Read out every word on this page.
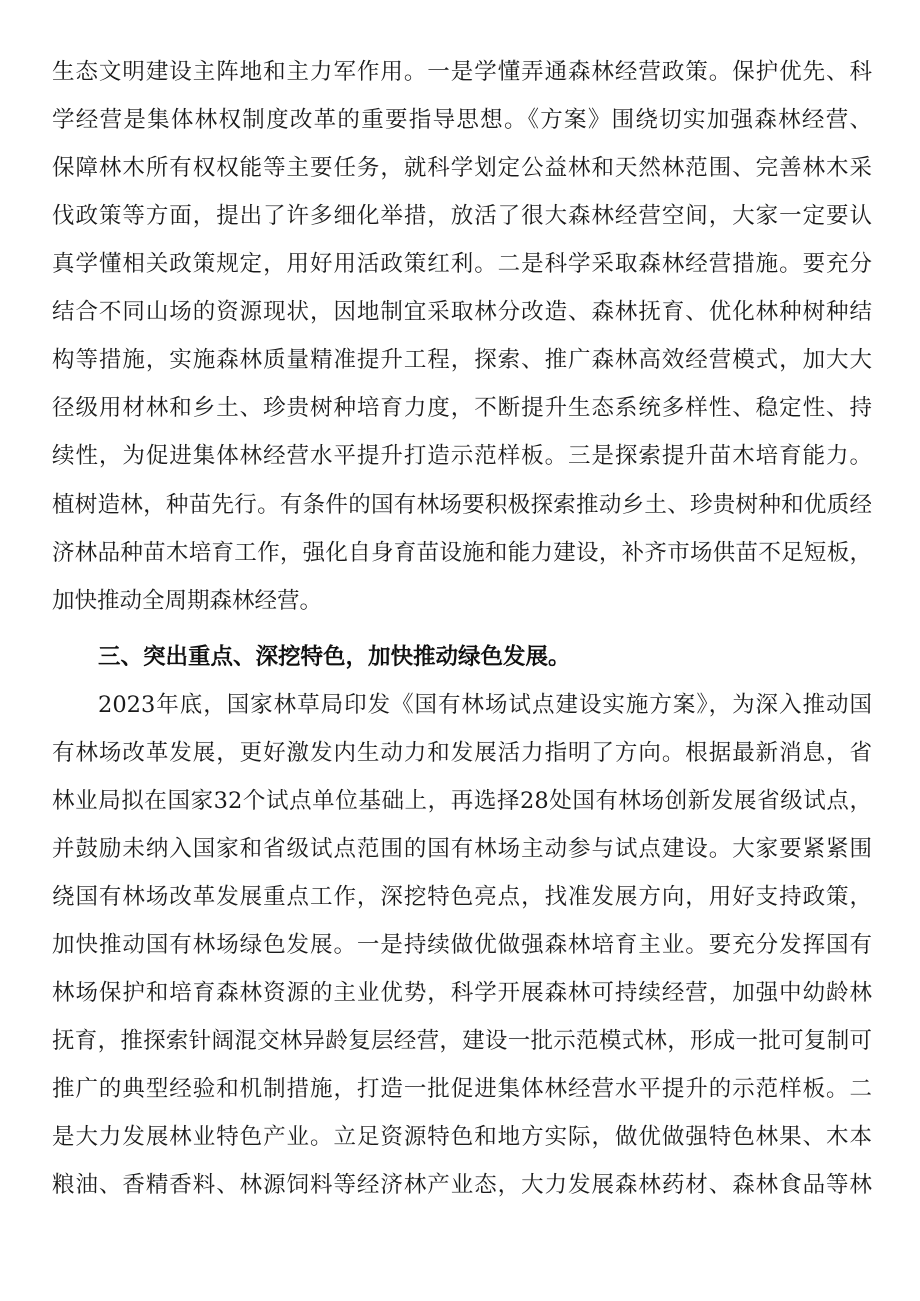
生态文明建设主阵地和主力军作用。一是学懂弄通森林经营政策。保护优先、科
学经营是集体林权制度改革的重要指导思想。《方案》围绕切实加强森林经营、
保障林木所有权权能等主要任务，就科学划定公益林和天然林范围、完善林木采
伐政策等方面，提出了许多细化举措，放活了很大森林经营空间，大家一定要认
真学懂相关政策规定，用好用活政策红利。二是科学采取森林经营措施。要充分
结合不同山场的资源现状，因地制宜采取林分改造、森林抚育、优化林种树种结
构等措施，实施森林质量精准提升工程，探索、推广森林高效经营模式，加大大
径级用材林和乡土、珍贵树种培育力度，不断提升生态系统多样性、稳定性、持
续性，为促进集体林经营水平提升打造示范样板。三是探索提升苗木培育能力。
植树造林，种苗先行。有条件的国有林场要积极探索推动乡土、珍贵树种和优质经
济林品种苗木培育工作，强化自身育苗设施和能力建设，补齐市场供苗不足短板，
加快推动全周期森林经营。
三、突出重点、深挖特色，加快推动绿色发展。
2023年底，国家林草局印发《国有林场试点建设实施方案》，为深入推动国
有林场改革发展，更好激发内生动力和发展活力指明了方向。根据最新消息，省
林业局拟在国家32个试点单位基础上，再选择28处国有林场创新发展省级试点，
并鼓励未纳入国家和省级试点范围的国有林场主动参与试点建设。大家要紧紧围
绕国有林场改革发展重点工作，深挖特色亮点，找准发展方向，用好支持政策，
加快推动国有林场绿色发展。一是持续做优做强森林培育主业。要充分发挥国有
林场保护和培育森林资源的主业优势，科学开展森林可持续经营，加强中幼龄林
抚育，推探索针阔混交林异龄复层经营，建设一批示范模式林，形成一批可复制可
推广的典型经验和机制措施，打造一批促进集体林经营水平提升的示范样板。二
是大力发展林业特色产业。立足资源特色和地方实际，做优做强特色林果、木本
粮油、香精香料、林源饲料等经济林产业态，大力发展森林药材、森林食品等林
